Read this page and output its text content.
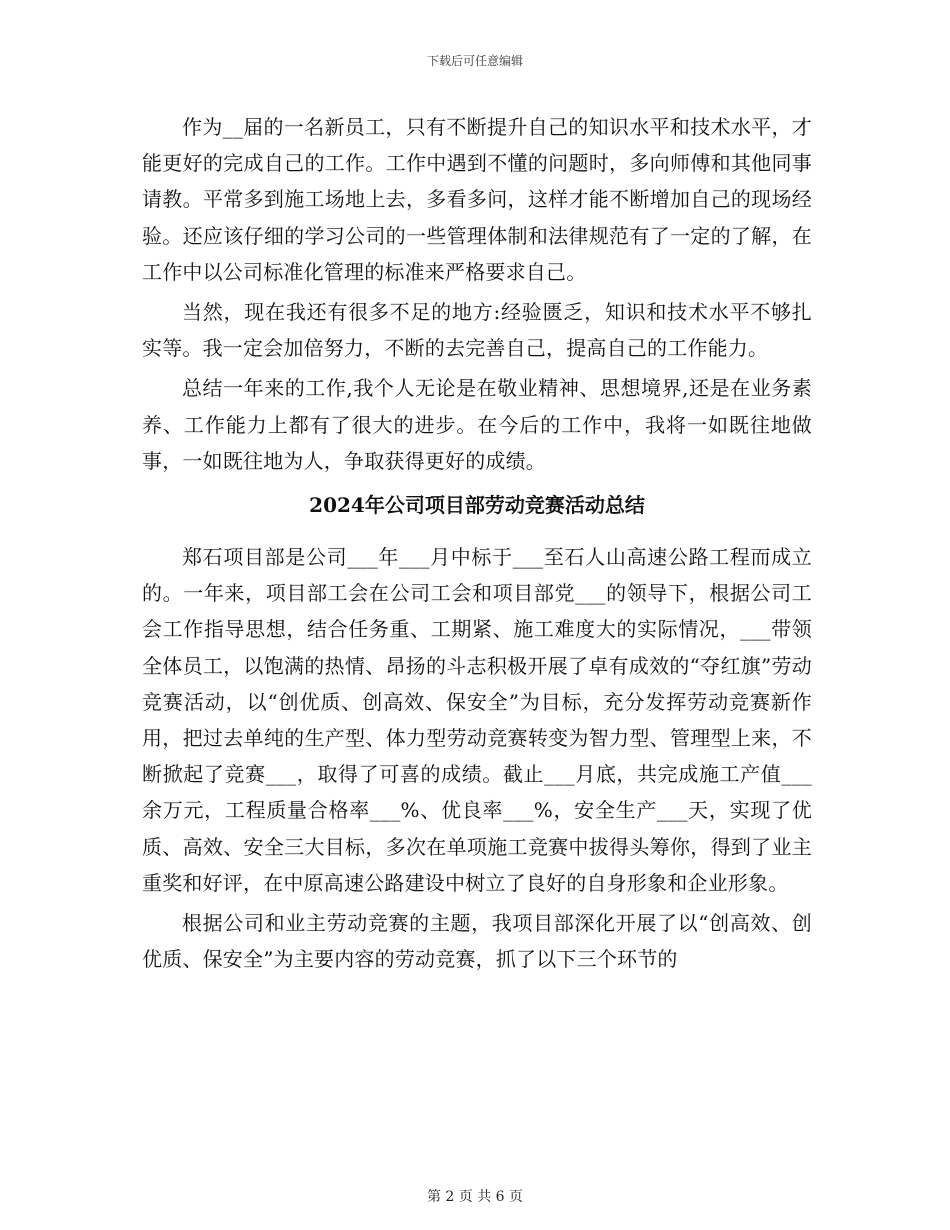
下载后可任意编辑

作为__届的一名新员工，只有不断提升自己的知识水平和技术水平，才能更好的完成自己的工作。工作中遇到不懂的问题时，多向师傅和其他同事请教。平常多到施工场地上去，多看多问，这样才能不断增加自己的现场经验。还应该仔细的学习公司的一些管理体制和法律规范有了一定的了解，在工作中以公司标准化管理的标准来严格要求自己。

当然，现在我还有很多不足的地方:经验匮乏，知识和技术水平不够扎实等。我一定会加倍努力，不断的去完善自己，提高自己的工作能力。

总结一年来的工作,我个人无论是在敬业精神、思想境界,还是在业务素养、工作能力上都有了很大的进步。在今后的工作中，我将一如既往地做事，一如既往地为人，争取获得更好的成绩。

2024年公司项目部劳动竞赛活动总结

郑石项目部是公司___年___月中标于___至石人山高速公路工程而成立的。一年来，项目部工会在公司工会和项目部党___的领导下，根据公司工会工作指导思想，结合任务重、工期紧、施工难度大的实际情况，___带领全体员工，以饱满的热情、昂扬的斗志积极开展了卓有成效的“夺红旗”劳动竞赛活动，以“创优质、创高效、保安全”为目标，充分发挥劳动竞赛新作用，把过去单纯的生产型、体力型劳动竞赛转变为智力型、管理型上来，不断掀起了竞赛___，取得了可喜的成绩。截止___月底，共完成施工产值___余万元，工程质量合格率___%、优良率___%，安全生产___天，实现了优质、高效、安全三大目标，多次在单项施工竞赛中拔得头筹你，得到了业主重奖和好评，在中原高速公路建设中树立了良好的自身形象和企业形象。

根据公司和业主劳动竞赛的主题，我项目部深化开展了以“创高效、创优质、保安全”为主要内容的劳动竞赛，抓了以下三个环节的

第 2 页 共 6 页
